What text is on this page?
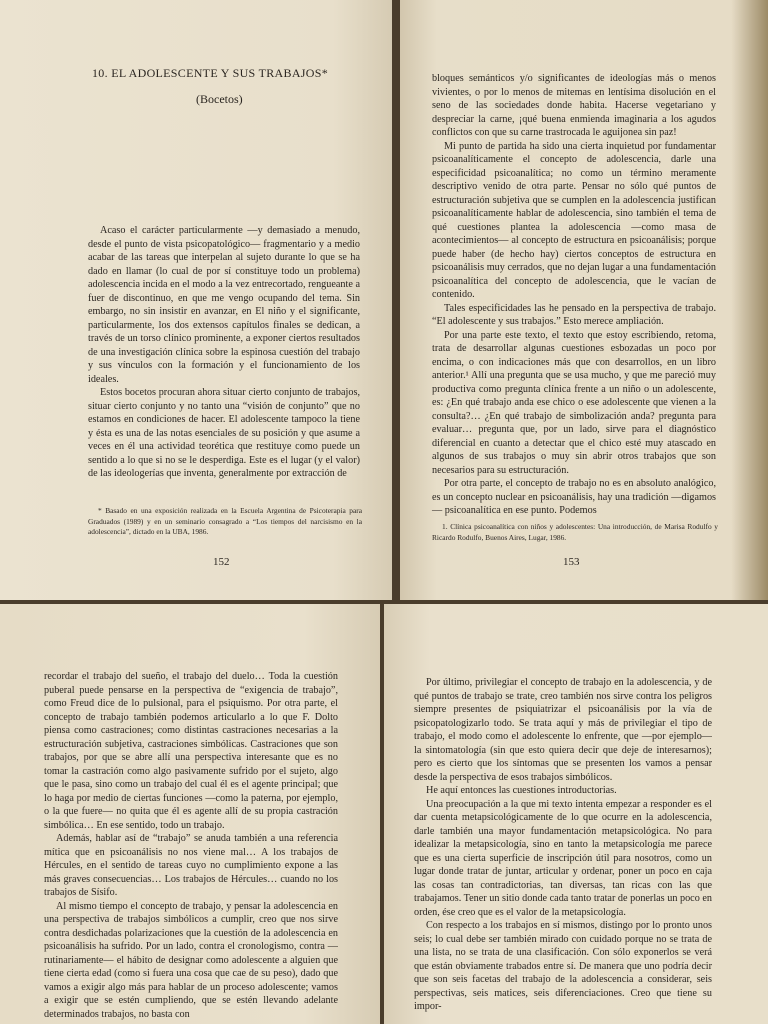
10. EL ADOLESCENTE Y SUS TRABAJOS*
(Bocetos)

Acaso el carácter particularmente —y demasiado a menudo, desde el punto de vista psicopatológico— fragmentario y a medio acabar de las tareas que interpelan al sujeto durante lo que se ha dado en llamar (lo cual de por sí constituye todo un problema) adolescencia incida en el modo a la vez entrecortado, rengueante a fuer de discontinuo, en que me vengo ocupando del tema. Sin embargo, no sin insistir en avanzar, en El niño y el significante, particularmente, los dos extensos capítulos finales se dedican, a través de un torso clínico prominente, a exponer ciertos resultados de una investigación clínica sobre la espinosa cuestión del trabajo y sus vínculos con la formación y el funcionamiento de los ideales.

Estos bocetos procuran ahora situar cierto conjunto de trabajos, situar cierto conjunto y no tanto una “visión de conjunto” que no estamos en condiciones de hacer. El adolescente tampoco la tiene y ésta es una de las notas esenciales de su posición y que asume a veces en él una actividad teorética que restituye como puede un sentido a lo que si no se le desperdiga. Este es el lugar (y el valor) de las ideologerías que inventa, generalmente por extracción de

* Basado en una exposición realizada en la Escuela Argentina de Psicoterapia para Graduados (1989) y en un seminario consagrado a “Los tiempos del narcisismo en la adolescencia”, dictado en la UBA, 1986.

152

bloques semánticos y/o significantes de ideologías más o menos vivientes, o por lo menos de mitemas en lentísima disolución en el seno de las sociedades donde habita. Hacerse vegetariano y despreciar la carne, ¡qué buena enmienda imaginaria a los agudos conflictos con que su carne trastrocada le aguijonea sin paz!

Mi punto de partida ha sido una cierta inquietud por fundamentar psicoanalíticamente el concepto de adolescencia, darle una especificidad psicoanalítica; no como un término meramente descriptivo venido de otra parte. Pensar no sólo qué puntos de estructuración subjetiva que se cumplen en la adolescencia justifican psicoanalíticamente hablar de adolescencia, sino también el tema de qué cuestiones plantea la adolescencia —como masa de acontecimientos— al concepto de estructura en psicoanálisis; porque puede haber (de hecho hay) ciertos conceptos de estructura en psicoanálisis muy cerrados, que no dejan lugar a una fundamentación psicoanalítica del concepto de adolescencia, que le vacían de contenido.

Tales especificidades las he pensado en la perspectiva de trabajo. “El adolescente y sus trabajos.” Esto merece ampliación.

Por una parte este texto, el texto que estoy escribiendo, retoma, trata de desarrollar algunas cuestiones esbozadas un poco por encima, o con indicaciones más que con desarrollos, en un libro anterior.¹ Allí una pregunta que se usa mucho, y que me pareció muy productiva como pregunta clínica frente a un niño o un adolescente, es: ¿En qué trabajo anda ese chico o ese adolescente que vienen a la consulta?… ¿En qué trabajo de simbolización anda? pregunta para evaluar… pregunta que, por un lado, sirve para el diagnóstico diferencial en cuanto a detectar que el chico esté muy atascado en algunos de sus trabajos o muy sin abrir otros trabajos que son necesarios para su estructuración.

Por otra parte, el concepto de trabajo no es en absoluto analógico, es un concepto nuclear en psicoanálisis, hay una tradición —digamos— psicoanalítica en ese punto. Podemos

1. Clínica psicoanalítica con niños y adolescentes: Una introducción, de Marisa Rodulfo y Ricardo Rodulfo, Buenos Aires, Lugar, 1986.

153

recordar el trabajo del sueño, el trabajo del duelo… Toda la cuestión puberal puede pensarse en la perspectiva de “exigencia de trabajo”, como Freud dice de lo pulsional, para el psiquismo. Por otra parte, el concepto de trabajo también podemos articularlo a lo que F. Dolto piensa como castraciones; como distintas castraciones necesarias a la estructuración subjetiva, castraciones simbólicas. Castraciones que son trabajos, por que se abre allí una perspectiva interesante que es no tomar la castración como algo pasivamente sufrido por el sujeto, algo que le pasa, sino como un trabajo del cual él es el agente principal; que lo haga por medio de ciertas funciones —como la paterna, por ejemplo, o la que fuere— no quita que él es agente allí de su propia castración simbólica… En ese sentido, todo un trabajo.

Además, hablar así de “trabajo” se anuda también a una referencia mítica que en psicoanálisis no nos viene mal… A los trabajos de Hércules, en el sentido de tareas cuyo no cumplimiento expone a las más graves consecuencias… Los trabajos de Hércules… cuando no los trabajos de Sísifo.

Al mismo tiempo el concepto de trabajo, y pensar la adolescencia en una perspectiva de trabajos simbólicos a cumplir, creo que nos sirve contra desdichadas polarizaciones que la cuestión de la adolescencia en psicoanálisis ha sufrido. Por un lado, contra el cronologismo, contra —rutinariamente— el hábito de designar como adolescente a alguien que tiene cierta edad (como si fuera una cosa que cae de su peso), dado que vamos a exigir algo más para hablar de un proceso adolescente; vamos a exigir que se estén cumpliendo, que se estén llevando adelante determinados trabajos, no basta con

Por último, privilegiar el concepto de trabajo en la adolescencia, y de qué puntos de trabajo se trate, creo también nos sirve contra los peligros siempre presentes de psiquiatrizar el psicoanálisis por la vía de psicopatologizarlo todo. Se trata aquí y más de privilegiar el tipo de trabajo, el modo como el adolescente lo enfrente, que —por ejemplo— la sintomatología (sin que esto quiera decir que deje de interesarnos); pero es cierto que los síntomas que se presenten los vamos a pensar desde la perspectiva de esos trabajos simbólicos.

He aquí entonces las cuestiones introductorias.

Una preocupación a la que mi texto intenta empezar a responder es el dar cuenta metapsicológicamente de lo que ocurre en la adolescencia, darle también una mayor fundamentación metapsicológica. No para idealizar la metapsicología, sino en tanto la metapsicología me parece que es una cierta superficie de inscripción útil para nosotros, como un lugar donde tratar de juntar, articular y ordenar, poner un poco en caja las cosas tan contradictorias, tan diversas, tan ricas con las que trabajamos. Tener un sitio donde cada tanto tratar de ponerlas un poco en orden, ése creo que es el valor de la metapsicología.

Con respecto a los trabajos en sí mismos, distingo por lo pronto unos seis; lo cual debe ser también mirado con cuidado porque no se trata de una lista, no se trata de una clasificación. Con sólo exponerlos se verá que están obviamente trabados entre sí. De manera que uno podría decir que son seis facetas del trabajo de la adolescencia a considerar, seis perspectivas, seis matices, seis diferenciaciones. Creo que tiene su impor-
